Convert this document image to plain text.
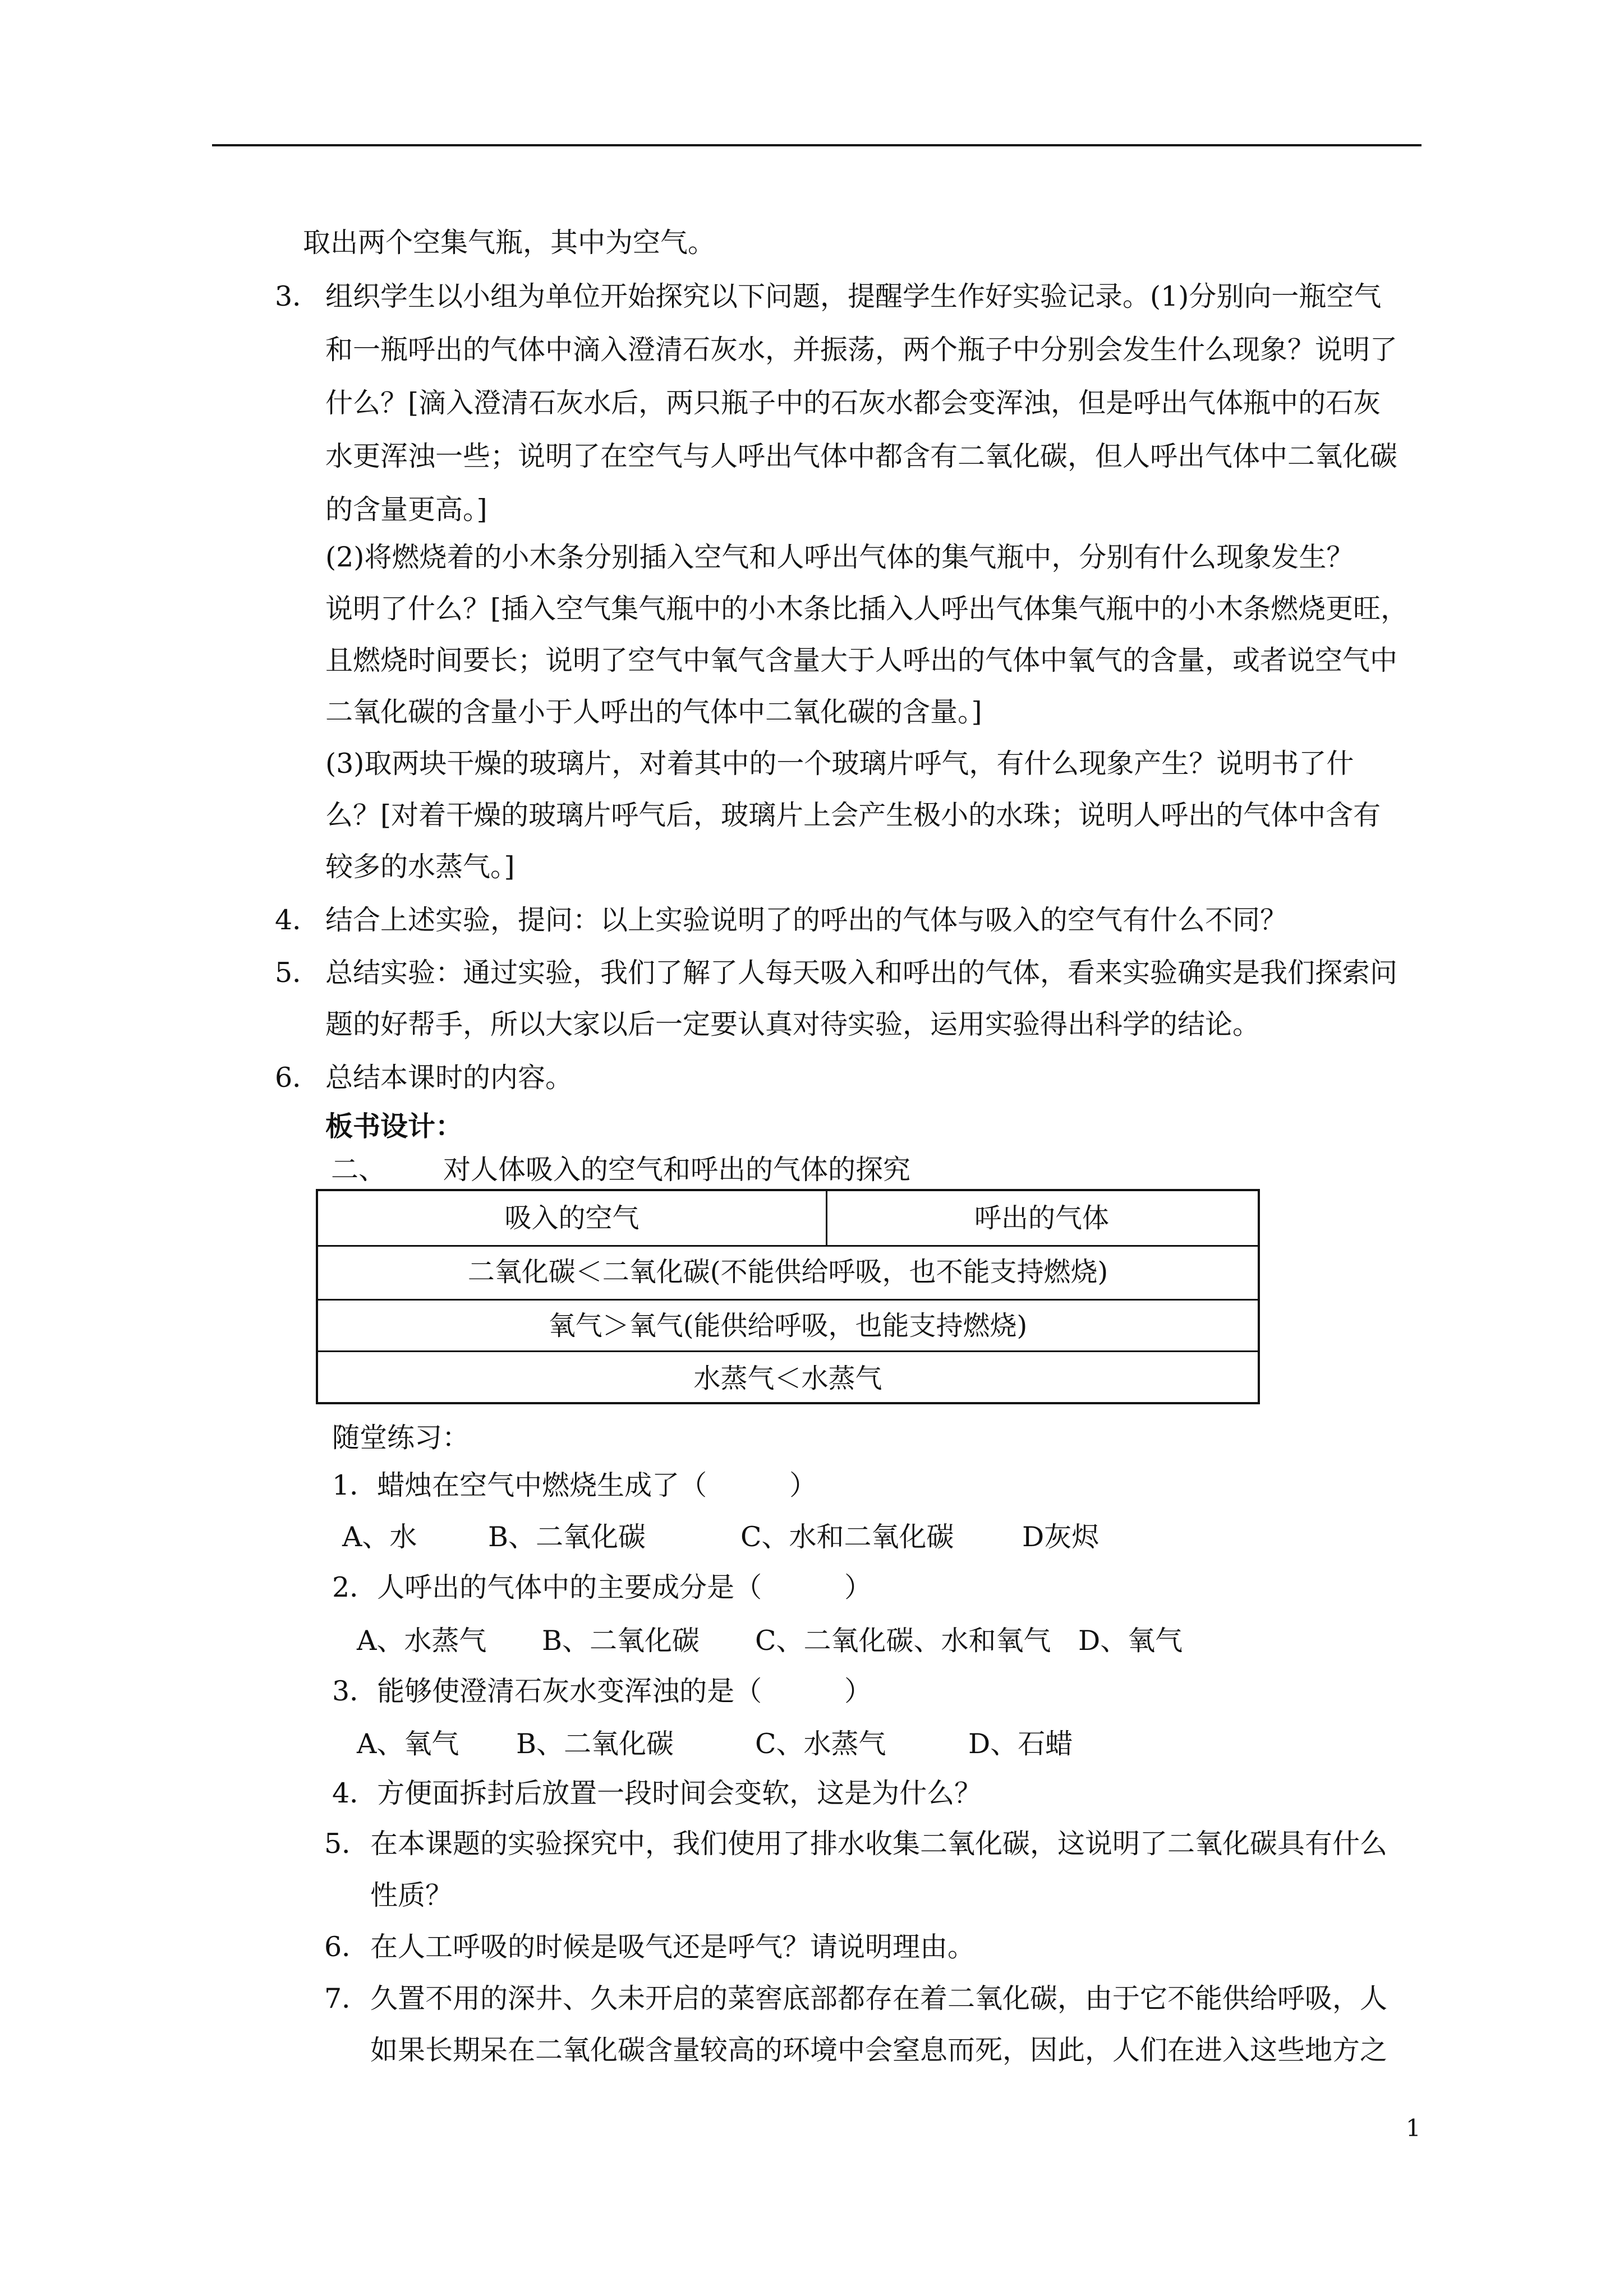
取出两个空集气瓶，其中为空气。
3． 组织学生以小组为单位开始探究以下问题，提醒学生作好实验记录。(1)分别向一瓶空气
和一瓶呼出的气体中滴入澄清石灰水，并振荡，两个瓶子中分别会发生什么现象？说明了
什么？[滴入澄清石灰水后，两只瓶子中的石灰水都会变浑浊，但是呼出气体瓶中的石灰
水更浑浊一些；说明了在空气与人呼出气体中都含有二氧化碳，但人呼出气体中二氧化碳
的含量更高。]
(2)将燃烧着的小木条分别插入空气和人呼出气体的集气瓶中，分别有什么现象发生？
说明了什么？[插入空气集气瓶中的小木条比插入人呼出气体集气瓶中的小木条燃烧更旺，
且燃烧时间要长；说明了空气中氧气含量大于人呼出的气体中氧气的含量，或者说空气中
二氧化碳的含量小于人呼出的气体中二氧化碳的含量。]
(3)取两块干燥的玻璃片，对着其中的一个玻璃片呼气，有什么现象产生？说明书了什
么？[对着干燥的玻璃片呼气后，玻璃片上会产生极小的水珠；说明人呼出的气体中含有
较多的水蒸气。]
4． 结合上述实验，提问：以上实验说明了的呼出的气体与吸入的空气有什么不同？
5． 总结实验：通过实验，我们了解了人每天吸入和呼出的气体，看来实验确实是我们探索问
题的好帮手，所以大家以后一定要认真对待实验，运用实验得出科学的结论。
6． 总结本课时的内容。
板书设计：
二、 对人体吸入的空气和呼出的气体的探究
吸入的空气	呼出的气体
二氧化碳＜二氧化碳(不能供给呼吸，也不能支持燃烧)
氧气＞氧气(能供给呼吸，也能支持燃烧)
水蒸气＜水蒸气
随堂练习：
1．蜡烛在空气中燃烧生成了（　　　）
A、水	B、二氧化碳	C、水和二氧化碳 D灰烬
2．人呼出的气体中的主要成分是（　　　）
A、水蒸气 B、二氧化碳 C、二氧化碳、水和氧气 D、氧气
3．能够使澄清石灰水变浑浊的是（　　　）
A、氧气 B、二氧化碳	C、水蒸气	D、石蜡
4．方便面拆封后放置一段时间会变软，这是为什么？
5． 在本课题的实验探究中，我们使用了排水收集二氧化碳，这说明了二氧化碳具有什么
性质？
6． 在人工呼吸的时候是吸气还是呼气？请说明理由。
7． 久置不用的深井、久未开启的菜窖底部都存在着二氧化碳，由于它不能供给呼吸，人
如果长期呆在二氧化碳含量较高的环境中会窒息而死，因此，人们在进入这些地方之
1
